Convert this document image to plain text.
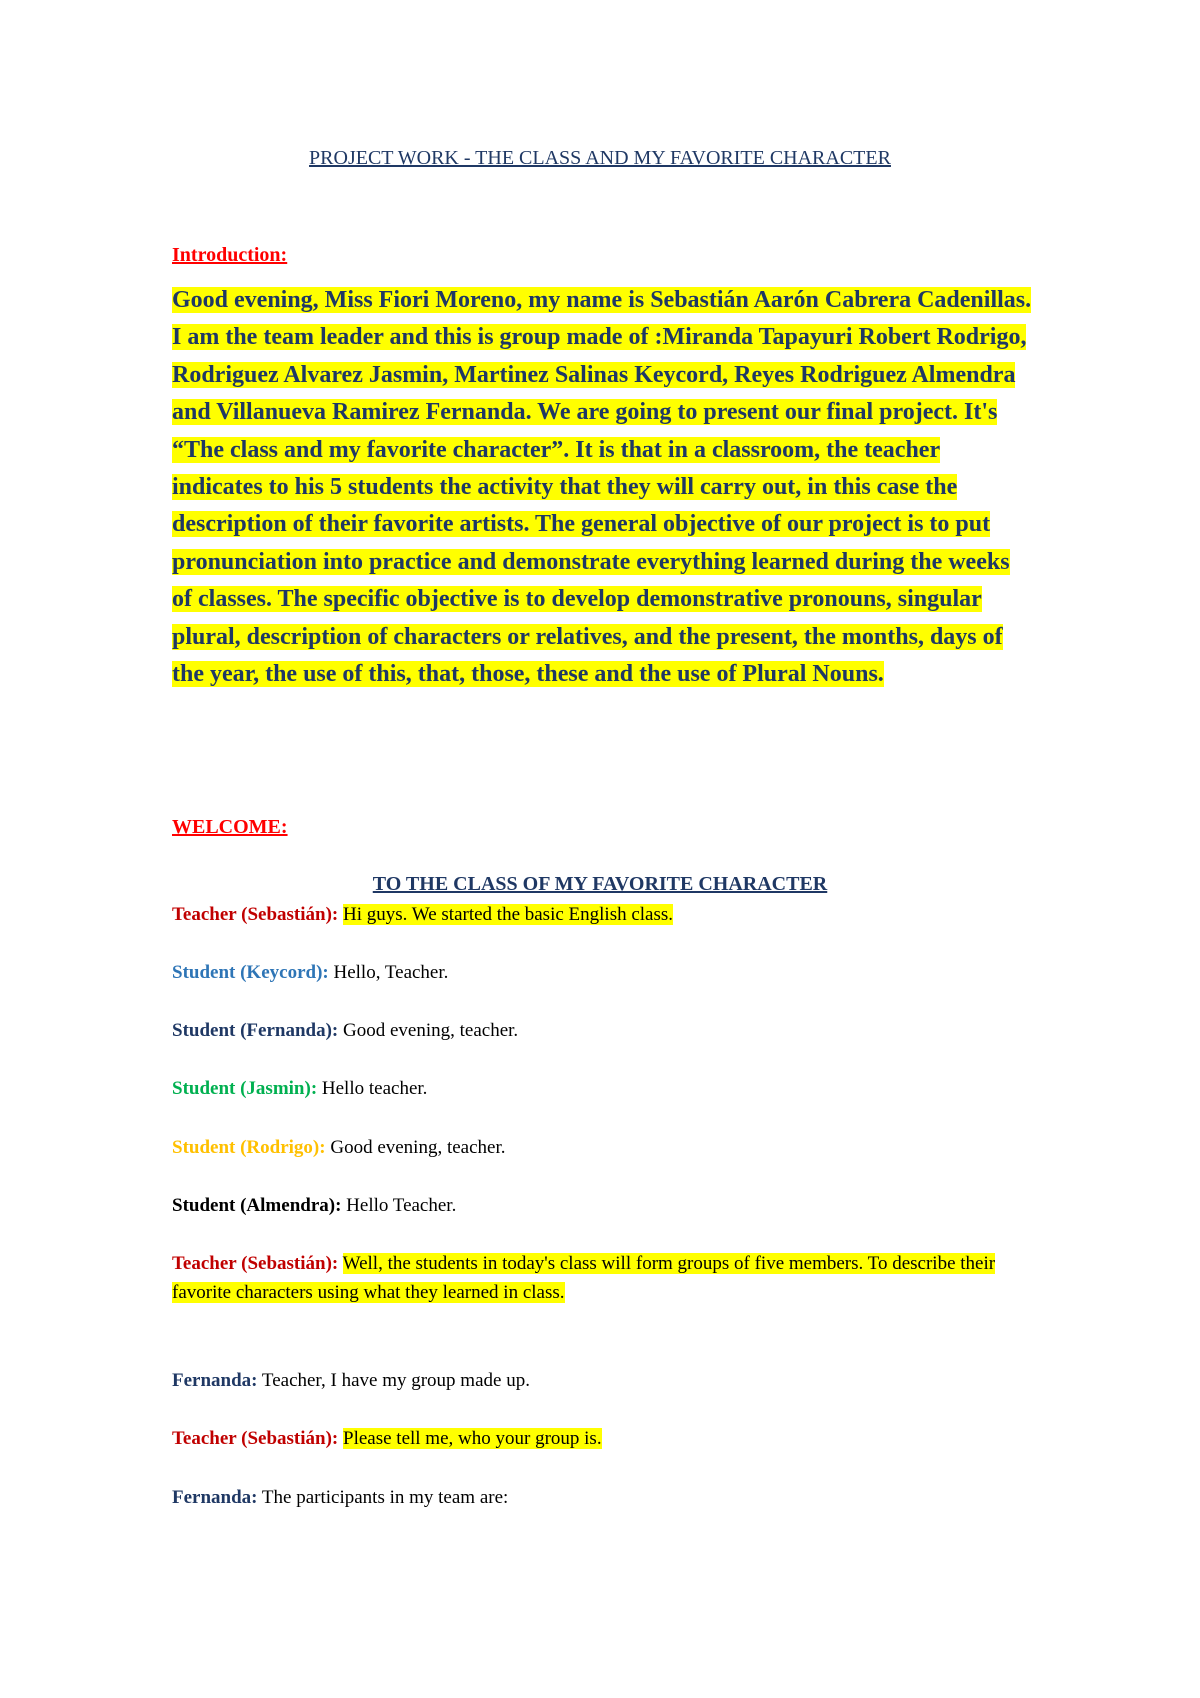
PROJECT WORK - THE CLASS AND MY FAVORITE CHARACTER
Introduction:
Good evening, Miss Fiori Moreno, my name is Sebastián Aarón Cabrera Cadenillas. I am the team leader and this is group made of :Miranda Tapayuri Robert Rodrigo, Rodriguez Alvarez Jasmin, Martinez Salinas Keycord, Reyes Rodriguez Almendra and Villanueva Ramirez Fernanda. We are going to present our final project. It's “The class and my favorite character”. It is that in a classroom, the teacher indicates to his 5 students the activity that they will carry out, in this case the description of their favorite artists. The general objective of our project is to put pronunciation into practice and demonstrate everything learned during the weeks of classes. The specific objective is to develop demonstrative pronouns, singular plural, description of characters or relatives, and the present, the months, days of the year, the use of this, that, those, these and the use of Plural Nouns.
WELCOME:
TO THE CLASS OF MY FAVORITE CHARACTER
Teacher (Sebastián): Hi guys. We started the basic English class.
Student (Keycord): Hello, Teacher.
Student (Fernanda): Good evening, teacher.
Student (Jasmin): Hello teacher.
Student (Rodrigo): Good evening, teacher.
Student (Almendra): Hello Teacher.
Teacher (Sebastián): Well, the students in today's class will form groups of five members. To describe their favorite characters using what they learned in class.
Fernanda: Teacher, I have my group made up.
Teacher (Sebastián): Please tell me, who your group is.
Fernanda: The participants in my team are:
